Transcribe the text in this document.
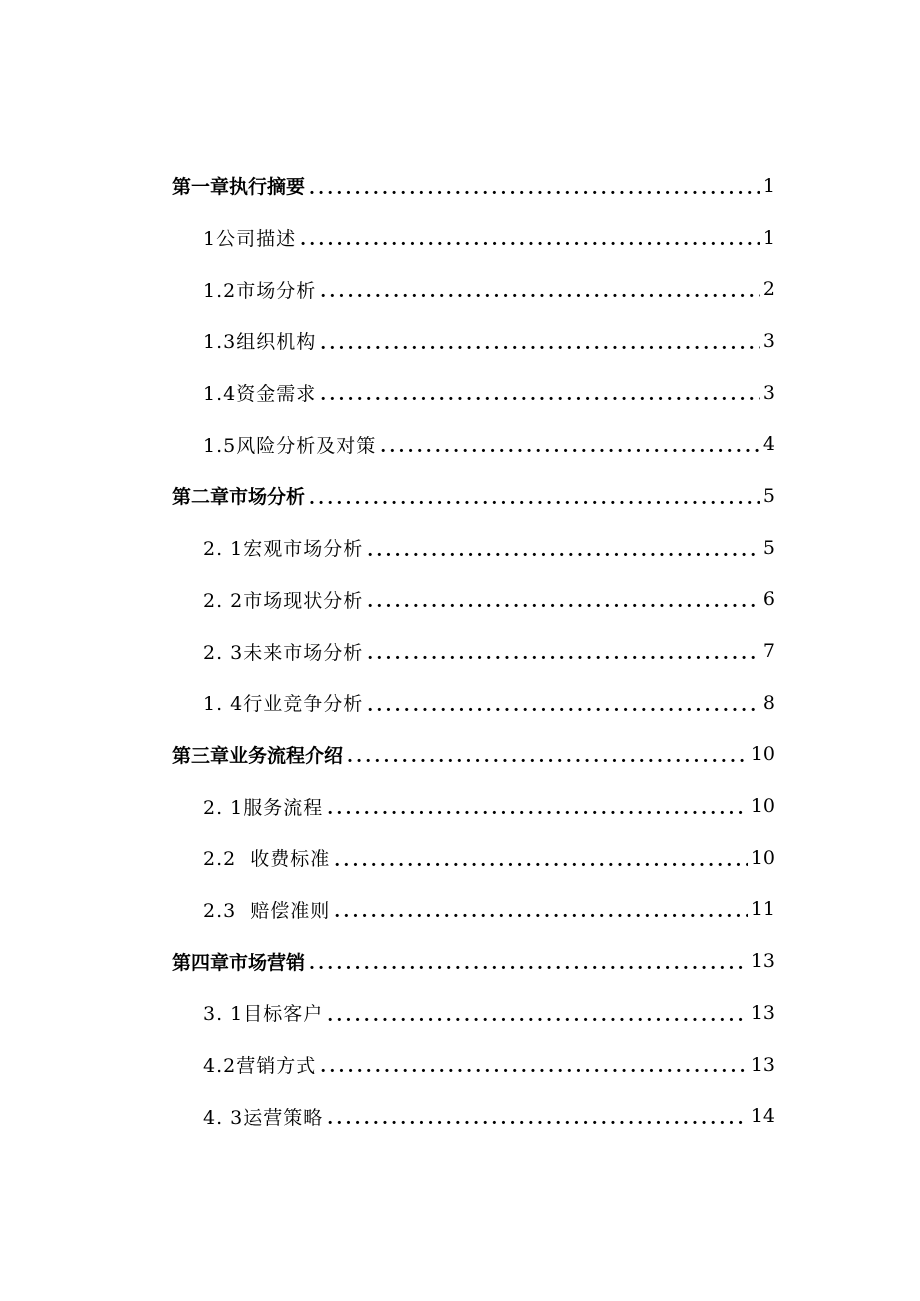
第一章执行摘要 .....	1
1公司描述 .....	1
1.2市场分析 .....	2
1.3组织机构 .....	3
1.4资金需求 .....	3
1.5风险分析及对策 .....	4
第二章市场分析 .....	5
2. 1宏观市场分析 .....	5
2. 2市场现状分析 .....	6
2. 3未来市场分析 .....	7
1. 4行业竞争分析 .....	8
第三章业务流程介绍 .....	10
2. 1服务流程 .....	10
2.2  收费标准 .....	10
2.3  赔偿准则 .....	11
第四章市场营销 .....	13
3. 1目标客户 .....	13
4.2营销方式 .....	13
4. 3运营策略 .....	14
